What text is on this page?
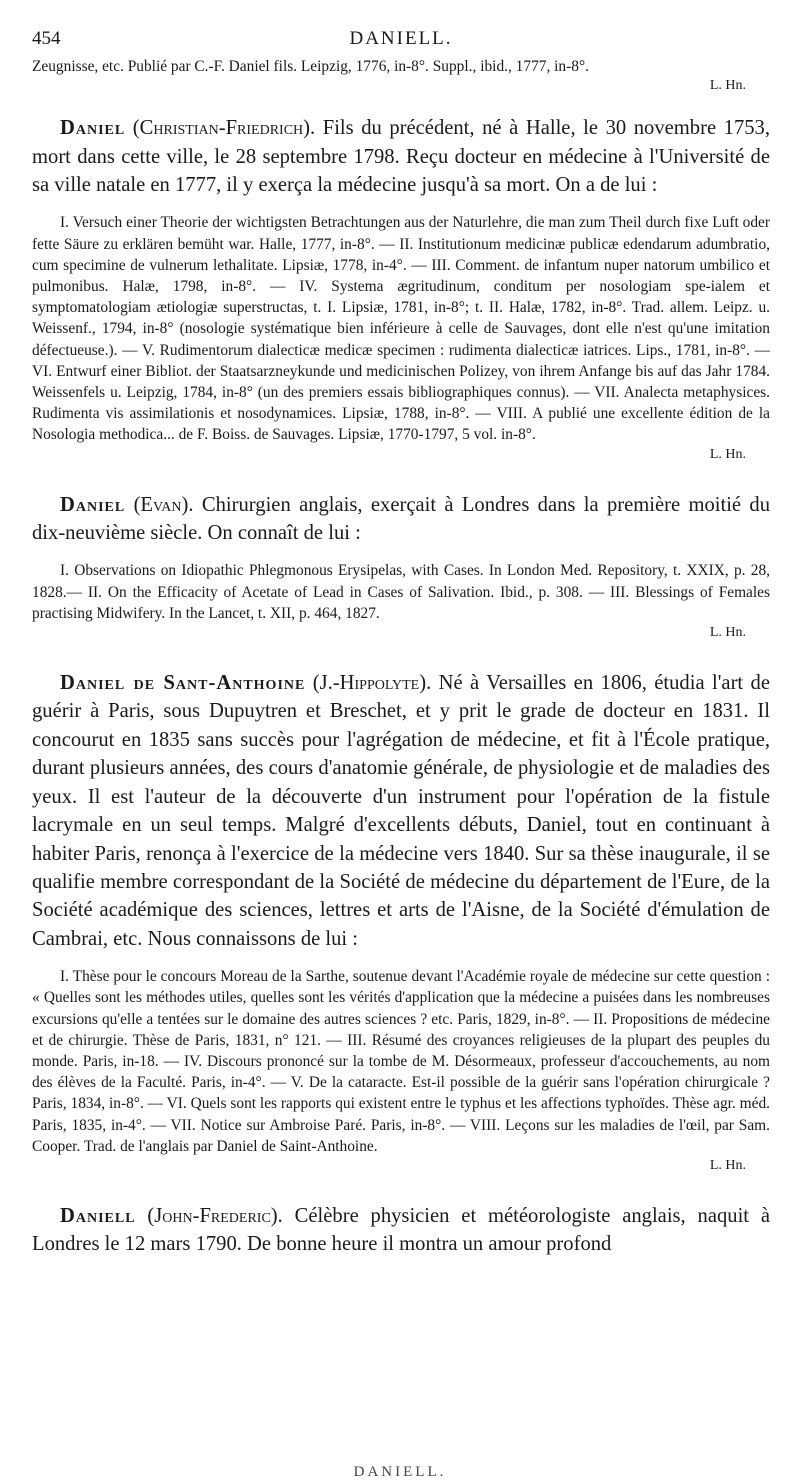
454	DANIELL.

Zeugnisse, etc. Publié par C.-F. Daniel fils. Leipzig, 1776, in-8°. Suppl., ibid., 1777, in-8°.

L. Hn.

Daniel (Christian-Friedrich). Fils du précédent, né à Halle, le 30 novembre 1753, mort dans cette ville, le 28 septembre 1798. Reçu docteur en médecine à l'Université de sa ville natale en 1777, il y exerça la médecine jusqu'à sa mort. On a de lui :

I. Versuch einer Theorie der wichtigsten Betrachtungen aus der Naturlehre, die man zum Theil durch fixe Luft oder fette Säure zu erklären bemüht war. Halle, 1777, in-8°. — II. Institutionum medicinæ publicæ edendarum adumbratio, cum specimine de vulnerum lethalitate. Lipsiæ, 1778, in-4°. — III. Comment. de infantum nuper natorum umbilico et pulmonibus. Halæ, 1798, in-8°. — IV. Systema ægritudinum, conditum per nosologiam spe-ialem et symptomatologiam ætiologiæ superstructas, t. I. Lipsiæ, 1781, in-8°; t. II. Halæ, 1782, in-8°. Trad. allem. Leipz. u. Weissenf., 1794, in-8° (nosologie systématique bien inférieure à celle de Sauvages, dont elle n'est qu'une imitation défectueuse.). — V. Rudimentorum dialecticæ medicæ specimen : rudimenta dialecticæ iatrices. Lips., 1781, in-8°. — VI. Entwurf einer Bibliot. der Staatsarzneykunde und medicinischen Polizey, von ihrem Anfange bis auf das Jahr 1784. Weissenfels u. Leipzig, 1784, in-8° (un des premiers essais bibliographiques connus). — VII. Analecta metaphysices. Rudimenta vis assimilationis et nosodynamices. Lipsiæ, 1788, in-8°. — VIII. A publié une excellente édition de la Nosologia methodica... de F. Boiss. de Sauvages. Lipsiæ, 1770-1797, 5 vol. in-8°.

L. Hn.

Daniel (Evan). Chirurgien anglais, exerçait à Londres dans la première moitié du dix-neuvième siècle. On connaît de lui :

I. Observations on Idiopathic Phlegmonous Erysipelas, with Cases. In London Med. Repository, t. XXIX, p. 28, 1828.— II. On the Efficacity of Acetate of Lead in Cases of Salivation. Ibid., p. 308. — III. Blessings of Females practising Midwifery. In the Lancet, t. XII, p. 464, 1827.

L. Hn.

Daniel de Sant-Anthoine (J.-Hippolyte). Né à Versailles en 1806, étudia l'art de guérir à Paris, sous Dupuytren et Breschet, et y prit le grade de docteur en 1831. Il concourut en 1835 sans succès pour l'agrégation de médecine, et fit à l'École pratique, durant plusieurs années, des cours d'anatomie générale, de physiologie et de maladies des yeux. Il est l'auteur de la découverte d'un instrument pour l'opération de la fistule lacrymale en un seul temps. Malgré d'excellents débuts, Daniel, tout en continuant à habiter Paris, renonça à l'exercice de la médecine vers 1840. Sur sa thèse inaugurale, il se qualifie membre correspondant de la Société de médecine du département de l'Eure, de la Société académique des sciences, lettres et arts de l'Aisne, de la Société d'émulation de Cambrai, etc. Nous connaissons de lui :

I. Thèse pour le concours Moreau de la Sarthe, soutenue devant l'Académie royale de médecine sur cette question : « Quelles sont les méthodes utiles, quelles sont les vérités d'application que la médecine a puisées dans les nombreuses excursions qu'elle a tentées sur le domaine des autres sciences ? etc. Paris, 1829, in-8°. — II. Propositions de médecine et de chirurgie. Thèse de Paris, 1831, n° 121. — III. Résumé des croyances religieuses de la plupart des peuples du monde. Paris, in-18. — IV. Discours prononcé sur la tombe de M. Désormeaux, professeur d'accouchements, au nom des élèves de la Faculté. Paris, in-4°. — V. De la cataracte. Est-il possible de la guérir sans l'opération chirurgicale ? Paris, 1834, in-8°. — VI. Quels sont les rapports qui existent entre le typhus et les affections typhoïdes. Thèse agr. méd. Paris, 1835, in-4°. — VII. Notice sur Ambroise Paré. Paris, in-8°. — VIII. Leçons sur les maladies de l'œil, par Sam. Cooper. Trad. de l'anglais par Daniel de Saint-Anthoine.

L. Hn.

Daniell (John-Frederic). Célèbre physicien et météorologiste anglais, naquit à Londres le 12 mars 1790. De bonne heure il montra un amour profond

DANIELL.
